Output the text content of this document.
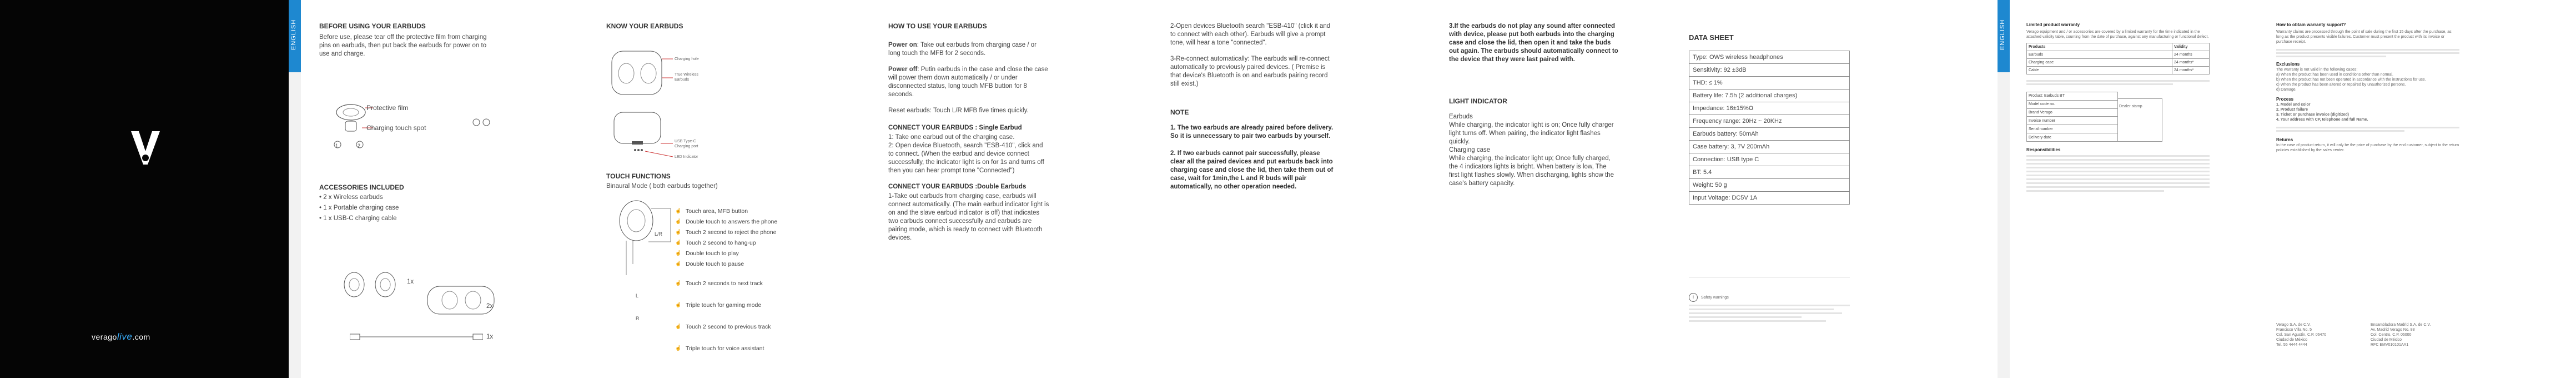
veragolive.com
ENGLISH	BEFORE USING YOUR EARBUDS
Before use, please tear off the protective film from charging pins on earbuds, then put back the earbuds for power on to use and charge.
Protective film
Charging touch spot
1	2
ACCESSORIES INCLUDED
• 2 x Wireless earbuds
• 1 x Portable charging case
• 1 x USB-C charging cable
1x
2x
1x
KNOW YOUR EARBUDS
Charging hole
True Wireless Earbuds
USB Type-C Charging port
LED Indicator
TOUCH FUNCTIONS
Binaural Mode ( both earbuds together)
L/R
L
R
☝ Touch area, MFB button
☝ Double touch to answers the phone
☝ Touch 2 second to reject the phone
☝ Touch 2 second to hang-up
☝ Double touch to play
☝ Double touch to pause
☝ Touch 2 seconds to next track
☝ Triple touch for gaming mode
☝ Touch 2 second to previous track
☝ Triple touch for voice assistant
HOW TO USE YOUR EARBUDS
Power on: Take out earbuds from charging case / or long touch the MFB for 2 seconds.
Power off: Putin earbuds in the case and close the case will power them down automatically / or under disconnected status, long touch MFB button for 8 seconds.
Reset earbuds: Touch L/R MFB five times quickly.
CONNECT YOUR EARBUDS : Single Earbud
1: Take one earbud out of the charging case.
2: Open device Bluetooth, search "ESB-410", click and to connect. (When the earbud and device connect successfully, the indicator light is on for 1s and turns off then you can hear prompt tone "Connected")
CONNECT YOUR EARBUDS :Double Earbuds
1-Take out earbuds from charging case, earbuds will connect automatically. (The main earbud indicator light is on and the slave earbud indicator is off) that indicates two earbuds connect successfully and earbuds are pairing mode, which is ready to connect with Bluetooth devices.
2-Open devices Bluetooth search "ESB-410" (click it and to connect with each other). Earbuds will give a prompt tone, will hear a tone "connected".
3-Re-connect automatically: The earbuds will re-connect automatically to previously paired devices. ( Premise is that device's Bluetooth is on and earbuds pairing record still exist.)
NOTE
1. The two earbuds are already paired before delivery. So it is unnecessary to pair two earbuds by yourself.
2. If two earbuds cannot pair successfully, please clear all the paired devices and put earbuds back into charging case and close the lid, then take them out of case, wait for 1min,the L and R buds will pair automatically, no other operation needed.
3.If the earbuds do not play any sound after connected with device, please put both earbuds into the charging case and close the lid, then open it and take the buds out again. The earbuds should automatically connect to the device that they were last paired with.
LIGHT INDICATOR
Earbuds
While charging, the indicator light is on; Once fully charger light turns off. When pairing, the indicator light flashes quickly.
Charging case
While charging, the indicator light up; Once fully charged, the 4 indicators lights is bright. When battery is low, The first light flashes slowly. When discharging, lights show the case's battery capacity.
DATA SHEET
Type: OWS wireless headphones
Sensitivity: 92 ±3dB
THD: ≤ 1%
Battery life: 7.5h (2 additional charges)
Impedance: 16±15%Ω
Frequency range: 20Hz ~ 20KHz
Earbuds battery: 50mAh
Case battery: 3, 7V 200mAh
Connection: USB type C
BT: 5.4
Weight: 50 g
Input Voltage: DC5V 1A
!	Safety warnings
ENGLISH	Limited product warranty
Verago equipment and / or accessories are covered by a limited warranty for the time indicated in the attached validity table, counting from the date of purchase, against any manufacturing or functional defect.
Products	Validity
Earbuds	24 months
Charging case	24 months*
Cable	24 months*
Product: Earbuds BT
Model code no.
Brand Verago
Invoice number
Serial number
Delivery date
Dealer stamp
Responsibilities
How to obtain warranty support?
Warranty claims are processed through the point of sale during the first 15 days after the purchase, as long as the product presents visible failures. Customer must present the product with its invoice or purchase receipt.
Exclusions
The warranty is not valid in the following cases:
a) When the product has been used in conditions other than normal.
b) When the product has not been operated in accordance with the instructions for use.
c) When the product has been altered or repaired by unauthorized persons.
d) Damage.
Process
1. Model and color
2. Product failure
3. Ticket or purchase invoice (digitized)
4. Your address with CP, telephone and full Name.
Returns
In the case of product return, it will only be the price of purchase by the end customer, subject to the return policies established by the sales center.
Verago S.A. de C.V.
Francisco Villa No. 5
Col. San Agustín, C.P. 06470
Ciudad de México
Tel. 55 4444 4444
Ensambladora Madrid S.A. de C.V.
Av. Madrid Verago No. 88
Col. Centro, C.P. 06000
Ciudad de México
RFC EMV010101AA1
